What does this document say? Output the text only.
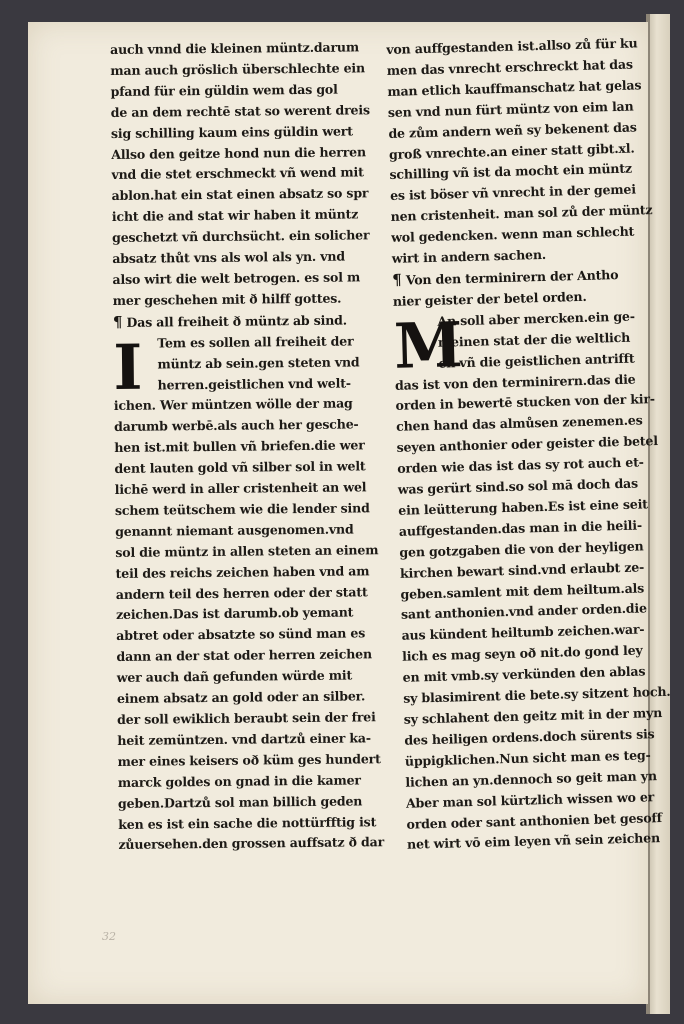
auch vnnd die kleinen müntz.darum
man auch gröslich überschlechte ein
pfand für ein güldin wem das gol
de an dem rechtē stat so werent dreis
sig schilling kaum eins güldin wert
Allso den geitze hond nun die herren
vnd die stet erschmeckt vñ wend mit
ablon.hat ein stat einen absatz so spr
icht die and stat wir haben it müntz
geschetzt vñ durchsücht. ein solicher
absatz thůt vns als wol als yn. vnd
also wirt die welt betrogen. es sol m
mer geschehen mit ð hilff gottes.
¶ Das all freiheit ð müntz ab sind.
I Tem es sollen all freiheit der
müntz ab sein.gen steten vnd
herren.geistlichen vnd welt-
ichen. Wer müntzen wölle der mag
darumb werbē.als auch her gesche-
hen ist.mit bullen vñ briefen.die wer
dent lauten gold vñ silber sol in welt
lichē werd in aller cristenheit an wel
schem teütschem wie die lender sind
genannt niemant ausgenomen.vnd
sol die müntz in allen steten an einem
teil des reichs zeichen haben vnd am
andern teil des herren oder der statt
zeichen.Das ist darumb.ob yemant
abtret oder absatzte so sünd man es
dann an der stat oder herren zeichen
wer auch dañ gefunden würde mit
einem absatz an gold oder an silber.
der soll ewiklich beraubt sein der frei
heit zemüntzen. vnd dartzů einer ka-
mer eines keisers oð küm ges hundert
marck goldes on gnad in die kamer
geben.Dartzů sol man billich geden
ken es ist ein sache die nottürfftig ist
zůuersehen.den grossen auffsatz ð dar
von auffgestanden ist.allso zů für ku
men das vnrecht erschreckt hat das
man etlich kauffmanschatz hat gelas
sen vnd nun fürt müntz von eim lan
de zům andern weñ sy bekenent das
groß vnrechte.an einer statt gibt.xl.
schilling vñ ist da mocht ein müntz
es ist böser vñ vnrecht in der gemei
nen cristenheit. man sol zů der müntz
wol gedencken. wenn man schlecht
wirt in andern sachen.
¶ Von den terminirern der Antho
nier geister der betel orden.
M
An soll aber mercken.ein ge-
meinen stat der die weltlich
en vñ die geistlichen antrifft
das ist von den terminirern.das die
orden in bewertē stucken von der kir-
chen hand das almůsen zenemen.es
seyen anthonier oder geister die betel
orden wie das ist das sy rot auch et-
was gerürt sind.so sol mā doch das
ein leütterung haben.Es ist eine seit
auffgestanden.das man in die heili-
gen gotzgaben die von der heyligen
kirchen bewart sind.vnd erlaubt ze-
geben.samlent mit dem heiltum.als
sant anthonien.vnd ander orden.die
aus kündent heiltumb zeichen.war-
lich es mag seyn oð nit.do gond ley
en mit vmb.sy verkünden den ablas
sy blasimirent die bete.sy sitzent hoch.
sy schlahent den geitz mit in der myn
des heiligen ordens.doch sürents sis
üppigklichen.Nun sicht man es teg-
lichen an yn.dennoch so geit man yn
Aber man sol kürtzlich wissen wo er
orden oder sant anthonien bet gesoff
net wirt vō eim leyen vñ sein zeichen
32
